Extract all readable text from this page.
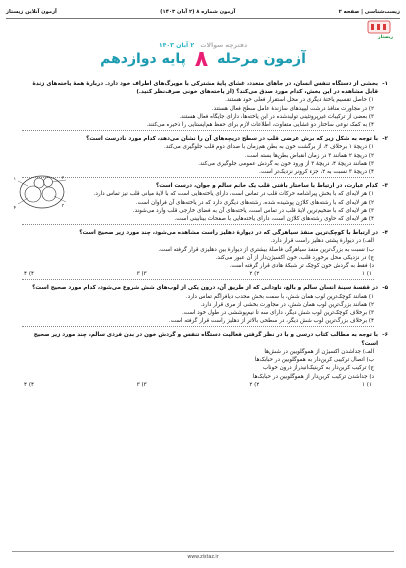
زیست‌شناسی | صفحه ۲
آزمون شماره ۸ (۲ آبان ۱۴۰۳)
آزمون آنلاین زیستاز
زیستاز
دفترچه سوالات ۲ آبان ۱۴۰۳
آزمون مرحله ۸ پایه دوازدهم
۱-
بخشی از دستگاه تنفس انسان، در جاهای متعدد، غشای پایهٔ مشترکی با مویرگ‌های اطراف خود دارد. دربارهٔ همهٔ یاخته‌های زندهٔ قابل مشاهده در این بخش، کدام مورد صدق می‌کند؟ (از یاخته‌های خونی صرف‌نظر کنید.)
۱) حاصل تقسیم یاختهٔ دیگری در محل استقرار فعلی خود هستند.
۲) در مجاورت منافذ درشت لیپیدهای سازندهٔ عامل سطح فعال هستند.
۳) بعضی از ترکیبات غیرپروتئینی تولیدشده در این یاخته‌ها، دارای جایگاه فعال هستند.
۴) به کمک نوعی ساختار دو غشایی متفاوت، اطلاعات لازم برای حفظ هم‌ایستایی را ذخیره می‌کنند.
۲-
با توجه به شکل زیر که برش عرضی قلب در سطح دریچه‌های آن را نشان می‌دهد، کدام مورد نادرست است؟
۱) دریچهٔ ۱ برخلاف ۴، از برگشت خون به بطن هم‌زمان با صدای دوم قلب جلوگیری می‌کند.
۲) دریچهٔ ۲ همانند ۳ در زمان انقباض بطن‌ها بسته است.
۳) همانند دریچهٔ ۴، دریچهٔ ۳ از ورود خون به گردش عمومی جلوگیری می‌کند.
۴) دریچهٔ ۳ نسبت به ۲، جزء کرونر نزدیک‌تر است.
۳-
کدام عبارت، در ارتباط با ساختار بافتی قلب یک خانم سالم و جوان، درست است؟
۱) هر لایه‌ای که با بخش پیراشامه حرکات قلب در تماس است، دارای یاخته‌هایی است که با لایهٔ میانی قلب نیز تماس دارد.
۲) هر لایه‌ای که با رشته‌های کلاژن پوشیده شده، رشته‌های دیگری دارد که در یاخته‌های آن فراوان است.
۳) هر لایه‌ای که با ضخیم‌ترین لایهٔ قلب در تماس است، یاخته‌های آن به فضای خارجی قلب وارد می‌شوند.
۴) هر لایه‌ای که حاوی رشته‌های کلاژن است، دارای یاخته‌هایی با صفحات بینابینی است.
۴-
در ارتباط با کوچک‌ترین منفذ سیاهرگی که در دیوارهٔ دهلیز راست مشاهده می‌شود، چند مورد زیر صحیح است؟
الف) در دیوارهٔ پشتی دهلیز راست قرار دارد.
ب) نسبت به بزرگ‌ترین منفذ سیاهرگی فاصلهٔ بیشتری از دیوارهٔ بین دهلیزی قرار گرفته است.
ج) در نزدیکی محل برخورد قلب، خون اکسیژن‌دار از آن عبور می‌کند.
د) فقط به گردش خون کوچک تر شبکهٔ هادی قرار گرفته است.
۱) ۱
۲) ۲
۳) ۳
۴) ۴
۵-
در قفسهٔ سینهٔ انسان سالم و بالغ، ناودانی که از طریق آن، درون یکی از لوب‌های شش شروع می‌شود، کدام مورد صحیح است؟
۱) همانند کوچک‌ترین لوب همان شش، با سمت بخش محدب دیافراگم تماس دارد.
۲) همانند بزرگ‌ترین لوب همان شش، در مجاورت بخشی از مری قرار دارد.
۳) برخلاف کوچک‌ترین لوب شش دیگر، دارای سه تا نیم‌پوششی در طول خود است.
۴) برخلاف بزرگ‌ترین لوب شش دیگر، در سطحی بالاتر از دهلیز راست قرار گرفته است.
۶-
با توجه به مطالب کتاب درسی و با در نظر گرفتن فعالیت دستگاه تنفس و گردش خون در بدن فردی سالم، چند مورد زیر صحیح است؟
الف) جداشدن اکسیژن از هموگلوبین در شش‌ها
ب) اتصال ترکیبی کربن‌دار به هموگلوبین در حبابک‌ها
ج) ترکیب کربن‌دار به کربنیک‌انیدراز درون خوناب
د) جداشدن ترکیب کربن‌دار از هموگلوبین در حبابک‌ها
۱) ۱
۲) ۲
۳) ۳
۴) ۴
۱	۲
۳
۴
www.zistaz.ir
